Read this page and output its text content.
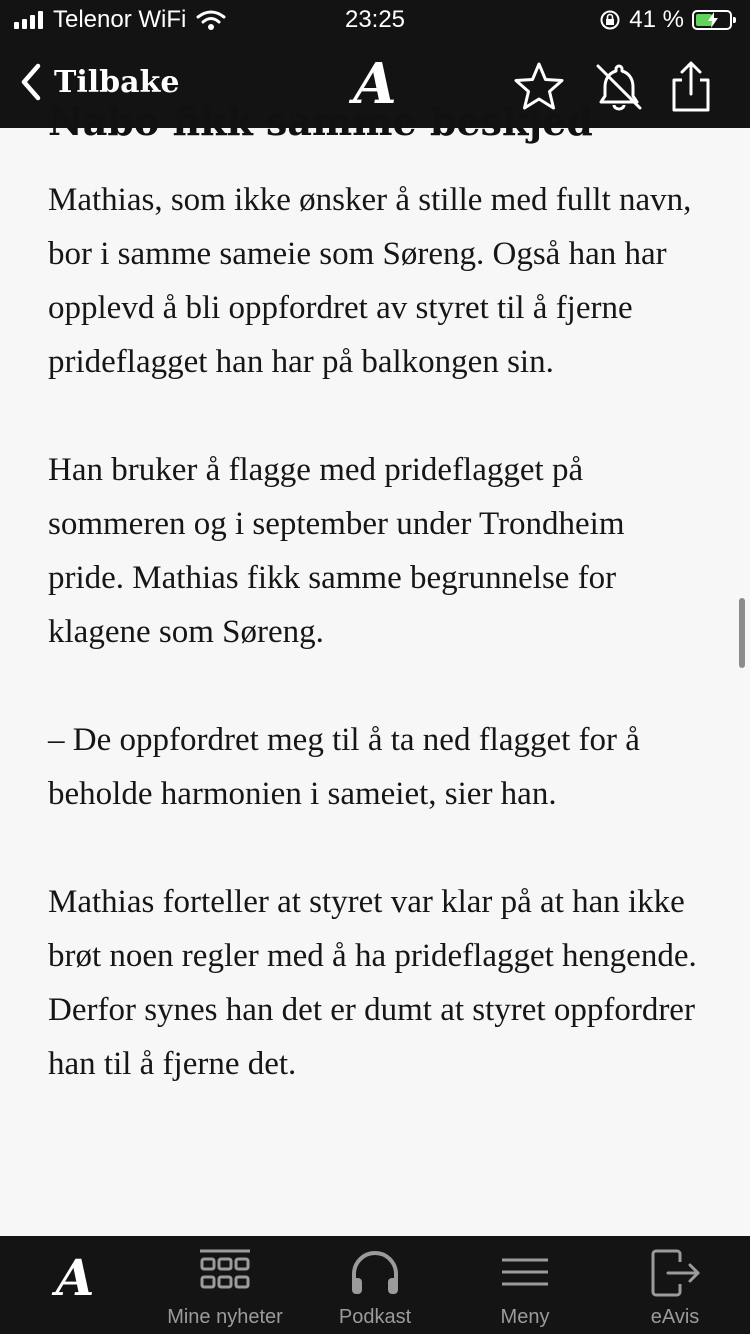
Telenor WiFi	23:25	41 %
Tilbake	A
Nabo fikk samme beskjed

Mathias, som ikke ønsker å stille med fullt navn, bor i samme sameie som Søreng. Også han har opplevd å bli oppfordret av styret til å fjerne prideflagget han har på balkongen sin.

Han bruker å flagge med prideflagget på sommeren og i september under Trondheim pride. Mathias fikk samme begrunnelse for klagene som Søreng.

– De oppfordret meg til å ta ned flagget for å beholde harmonien i sameiet, sier han.

Mathias forteller at styret var klar på at han ikke brøt noen regler med å ha prideflagget hengende. Derfor synes han det er dumt at styret oppfordrer han til å fjerne det.

A
Mine nyheter	Podkast	Meny	eAvis
